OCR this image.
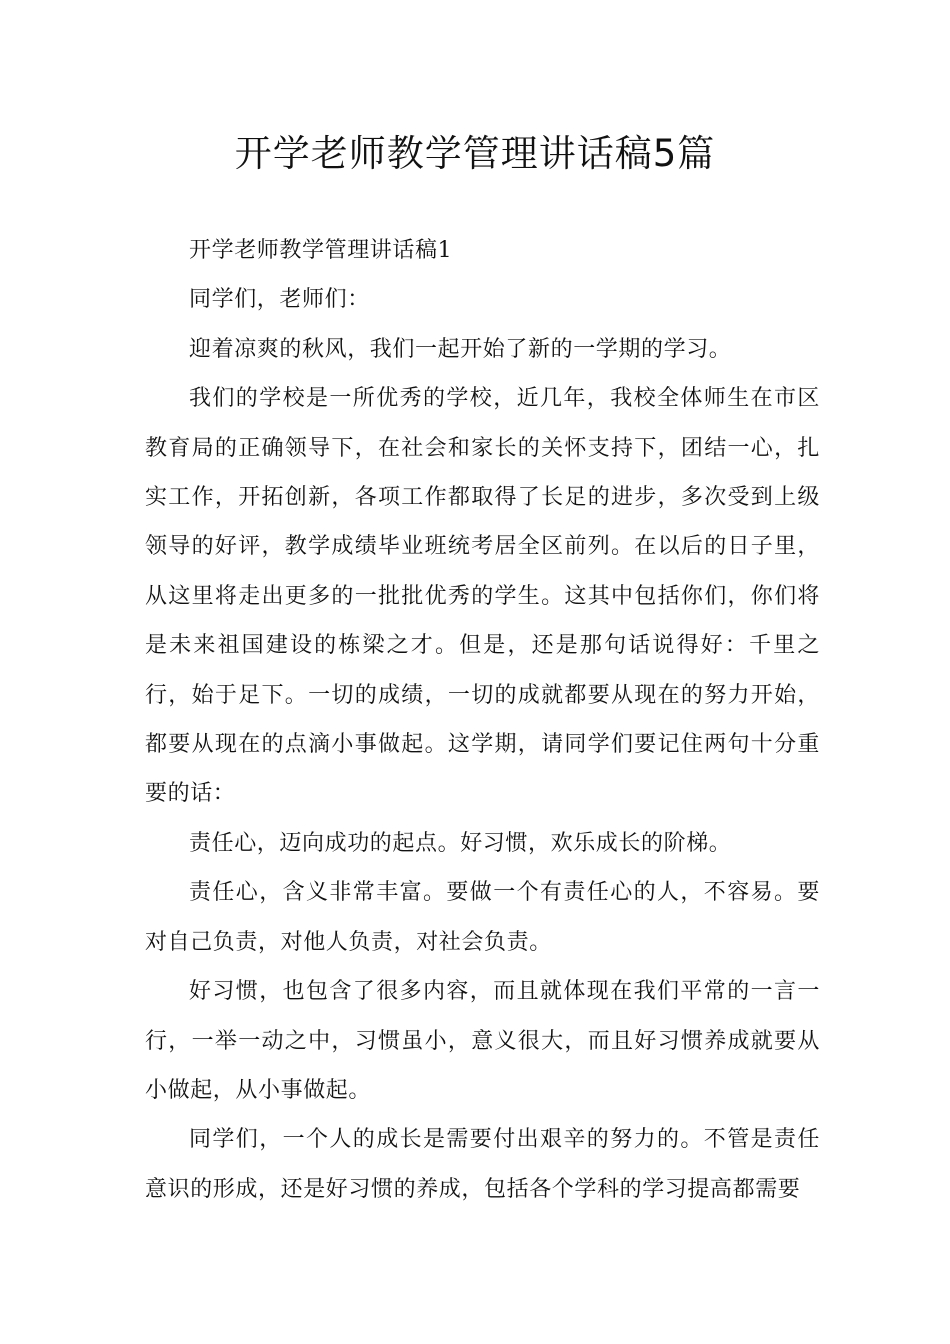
开学老师教学管理讲话稿5篇

开学老师教学管理讲话稿1

同学们，老师们：

迎着凉爽的秋风，我们一起开始了新的一学期的学习。

我们的学校是一所优秀的学校，近几年，我校全体师生在市区教育局的正确领导下，在社会和家长的关怀支持下，团结一心，扎实工作，开拓创新，各项工作都取得了长足的进步，多次受到上级领导的好评，教学成绩毕业班统考居全区前列。在以后的日子里，从这里将走出更多的一批批优秀的学生。这其中包括你们，你们将是未来祖国建设的栋梁之才。但是，还是那句话说得好：千里之行，始于足下。一切的成绩，一切的成就都要从现在的努力开始，都要从现在的点滴小事做起。这学期，请同学们要记住两句十分重要的话：

责任心，迈向成功的起点。好习惯，欢乐成长的阶梯。

责任心，含义非常丰富。要做一个有责任心的人，不容易。要对自己负责，对他人负责，对社会负责。

好习惯，也包含了很多内容，而且就体现在我们平常的一言一行，一举一动之中，习惯虽小，意义很大，而且好习惯养成就要从小做起，从小事做起。

同学们，一个人的成长是需要付出艰辛的努力的。不管是责任意识的形成，还是好习惯的养成，包括各个学科的学习提高都需要
